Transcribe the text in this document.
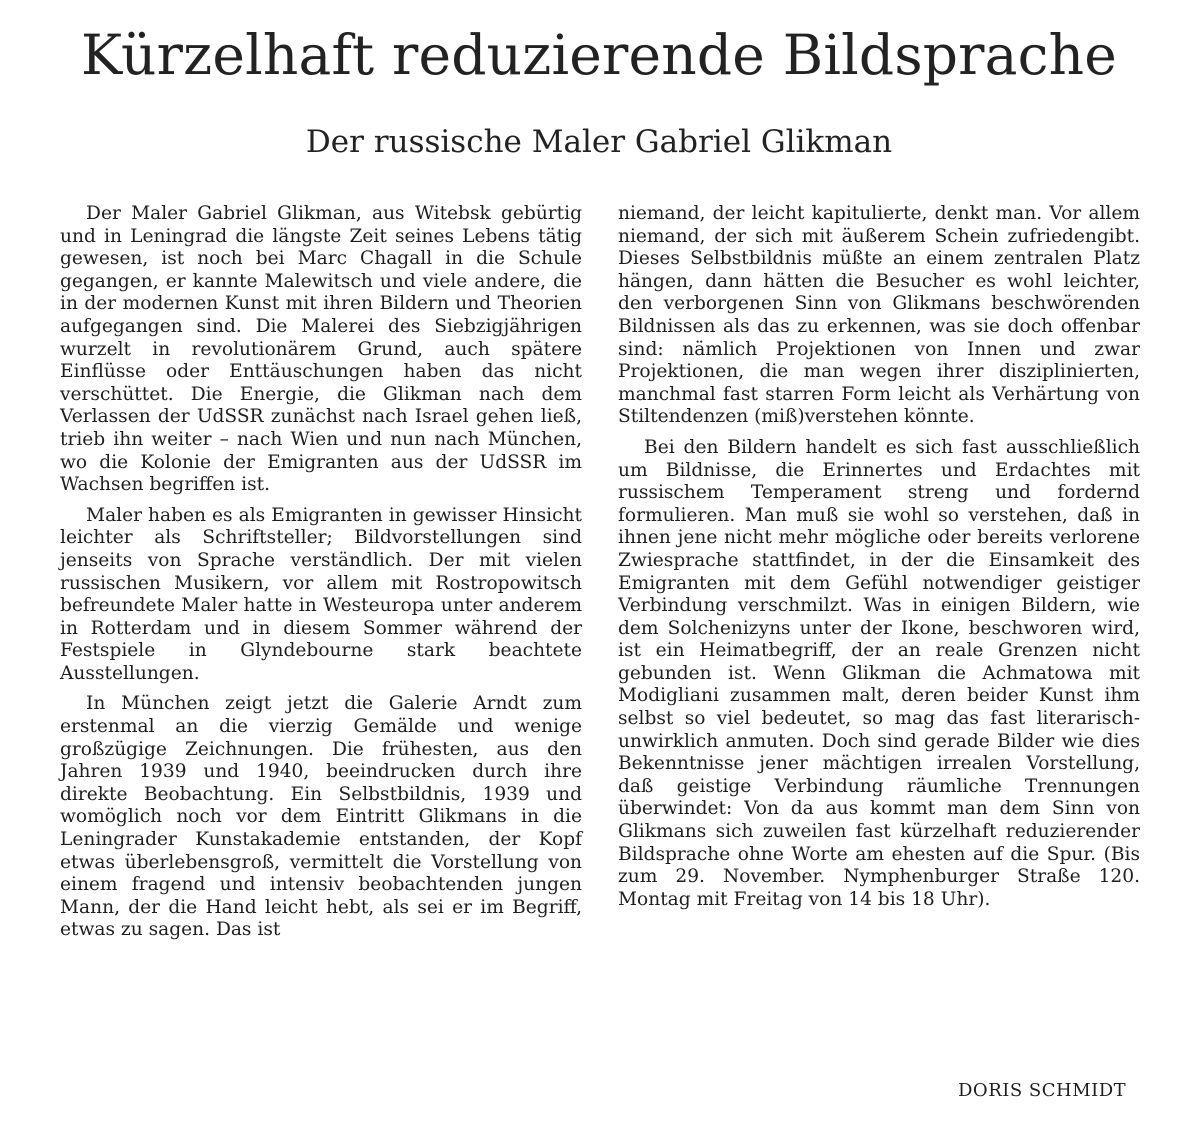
Kürzelhaft reduzierende Bildsprache
Der russische Maler Gabriel Glikman

Der Maler Gabriel Glikman, aus Witebsk gebürtig und in Leningrad die längste Zeit seines Lebens tätig gewesen, ist noch bei Marc Chagall in die Schule gegangen, er kannte Malewitsch und viele andere, die in der modernen Kunst mit ihren Bildern und Theorien aufgegangen sind. Die Malerei des Siebzigjährigen wurzelt in revolutionärem Grund, auch spätere Einflüsse oder Enttäuschungen haben das nicht verschüttet. Die Energie, die Glikman nach dem Verlassen der UdSSR zunächst nach Israel gehen ließ, trieb ihn weiter – nach Wien und nun nach München, wo die Kolonie der Emigranten aus der UdSSR im Wachsen begriffen ist.

Maler haben es als Emigranten in gewisser Hinsicht leichter als Schriftsteller; Bildvorstellungen sind jenseits von Sprache verständlich. Der mit vielen russischen Musikern, vor allem mit Rostropowitsch befreundete Maler hatte in Westeuropa unter anderem in Rotterdam und in diesem Sommer während der Festspiele in Glyndebourne stark beachtete Ausstellungen.

In München zeigt jetzt die Galerie Arndt zum erstenmal an die vierzig Gemälde und wenige großzügige Zeichnungen. Die frühesten, aus den Jahren 1939 und 1940, beeindrucken durch ihre direkte Beobachtung. Ein Selbstbildnis, 1939 und womöglich noch vor dem Eintritt Glikmans in die Leningrader Kunstakademie entstanden, der Kopf etwas überlebensgroß, vermittelt die Vorstellung von einem fragend und intensiv beobachtenden jungen Mann, der die Hand leicht hebt, als sei er im Begriff, etwas zu sagen. Das ist

niemand, der leicht kapitulierte, denkt man. Vor allem niemand, der sich mit äußerem Schein zufriedengibt. Dieses Selbstbildnis müßte an einem zentralen Platz hängen, dann hätten die Besucher es wohl leichter, den verborgenen Sinn von Glikmans beschwörenden Bildnissen als das zu erkennen, was sie doch offenbar sind: nämlich Projektionen von Innen und zwar Projektionen, die man wegen ihrer disziplinierten, manchmal fast starren Form leicht als Verhärtung von Stiltendenzen (miß)verstehen könnte.

Bei den Bildern handelt es sich fast ausschließlich um Bildnisse, die Erinnertes und Erdachtes mit russischem Temperament streng und fordernd formulieren. Man muß sie wohl so verstehen, daß in ihnen jene nicht mehr mögliche oder bereits verlorene Zwiesprache stattfindet, in der die Einsamkeit des Emigranten mit dem Gefühl notwendiger geistiger Verbindung verschmilzt. Was in einigen Bildern, wie dem Solchenizyns unter der Ikone, beschworen wird, ist ein Heimatbegriff, der an reale Grenzen nicht gebunden ist. Wenn Glikman die Achmatowa mit Modigliani zusammen malt, deren beider Kunst ihm selbst so viel bedeutet, so mag das fast literarisch-unwirklich anmuten. Doch sind gerade Bilder wie dies Bekenntnisse jener mächtigen irrealen Vorstellung, daß geistige Verbindung räumliche Trennungen überwindet: Von da aus kommt man dem Sinn von Glikmans sich zuweilen fast kürzelhaft reduzierender Bildsprache ohne Worte am ehesten auf die Spur. (Bis zum 29. November. Nymphenburger Straße 120. Montag mit Freitag von 14 bis 18 Uhr).

DORIS SCHMIDT
